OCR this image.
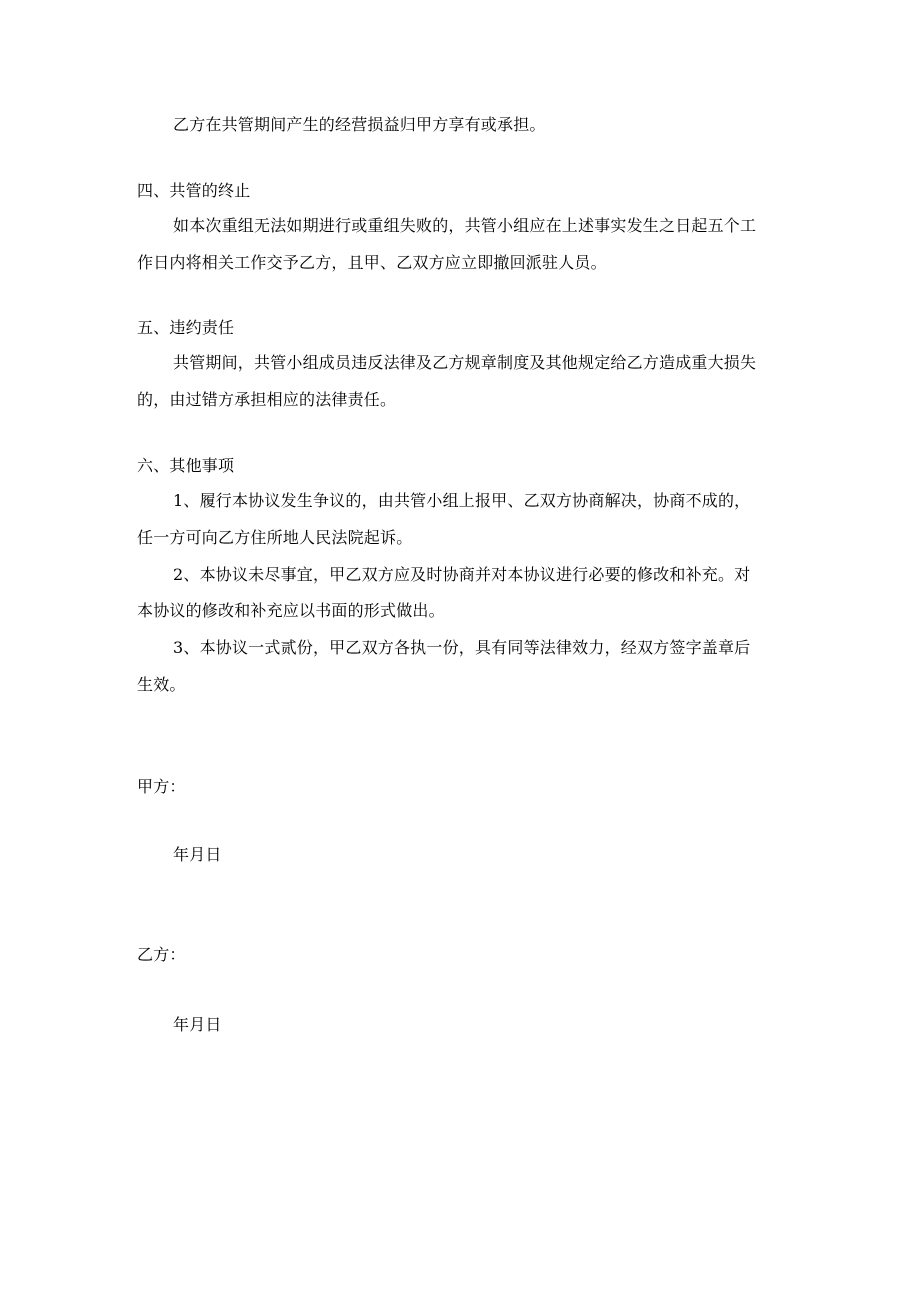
乙方在共管期间产生的经营损益归甲方享有或承担。
四、共管的终止
如本次重组无法如期进行或重组失败的，共管小组应在上述事实发生之日起五个工
作日内将相关工作交予乙方，且甲、乙双方应立即撤回派驻人员。
五、违约责任
共管期间，共管小组成员违反法律及乙方规章制度及其他规定给乙方造成重大损失
的，由过错方承担相应的法律责任。
六、其他事项
1、履行本协议发生争议的，由共管小组上报甲、乙双方协商解决，协商不成的，
任一方可向乙方住所地人民法院起诉。
2、本协议未尽事宜，甲乙双方应及时协商并对本协议进行必要的修改和补充。对
本协议的修改和补充应以书面的形式做出。
3、本协议一式贰份，甲乙双方各执一份，具有同等法律效力，经双方签字盖章后
生效。
甲方：
年月日
乙方：
年月日
